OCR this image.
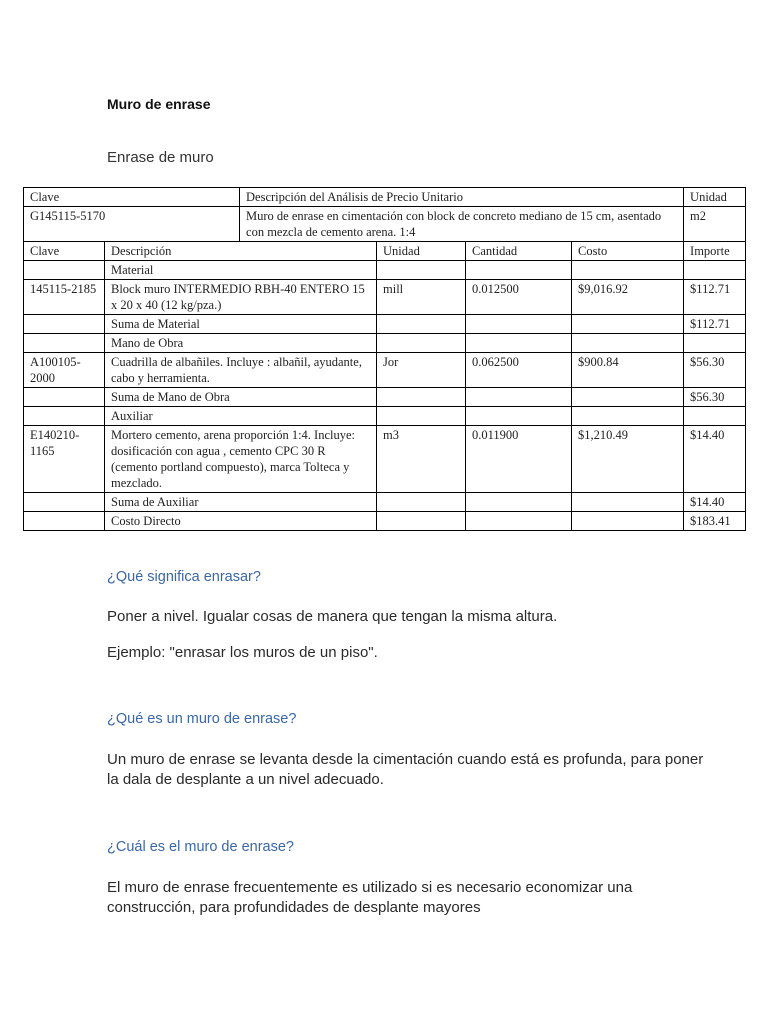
Muro de enrase
Enrase de muro
Clave		Descripción del Análisis de Precio Unitario				Unidad
G145115-5170		Muro de enrase en cimentación con block de concreto mediano de 15 cm, asentado con mezcla de cemento arena. 1:4				m2
Clave	Descripción		Unidad	Cantidad	Costo	Importe
	Material					
145115-2185	Block muro INTERMEDIO RBH-40 ENTERO 15 x 20 x 40 (12 kg/pza.)		mill	0.012500	$9,016.92	$112.71
	Suma de Material					$112.71
	Mano de Obra					
A100105-2000	Cuadrilla de albañiles. Incluye : albañil, ayudante, cabo y herramienta.		Jor	0.062500	$900.84	$56.30
	Suma de Mano de Obra					$56.30
	Auxiliar					
E140210-1165	Mortero cemento, arena proporción 1:4. Incluye: dosificación con agua , cemento CPC 30 R (cemento portland compuesto), marca Tolteca y mezclado.		m3	0.011900	$1,210.49	$14.40
	Suma de Auxiliar					$14.40
	Costo Directo					$183.41
¿Qué significa enrasar?
Poner a nivel. Igualar cosas de manera que tengan la misma altura.
Ejemplo: "enrasar los muros de un piso".
¿Qué es un muro de enrase?
Un muro de enrase se levanta desde la cimentación cuando está es profunda, para poner la dala de desplante a un nivel adecuado.
¿Cuál es el muro de enrase?
El muro de enrase frecuentemente es utilizado si es necesario economizar una construcción, para profundidades de desplante mayores
